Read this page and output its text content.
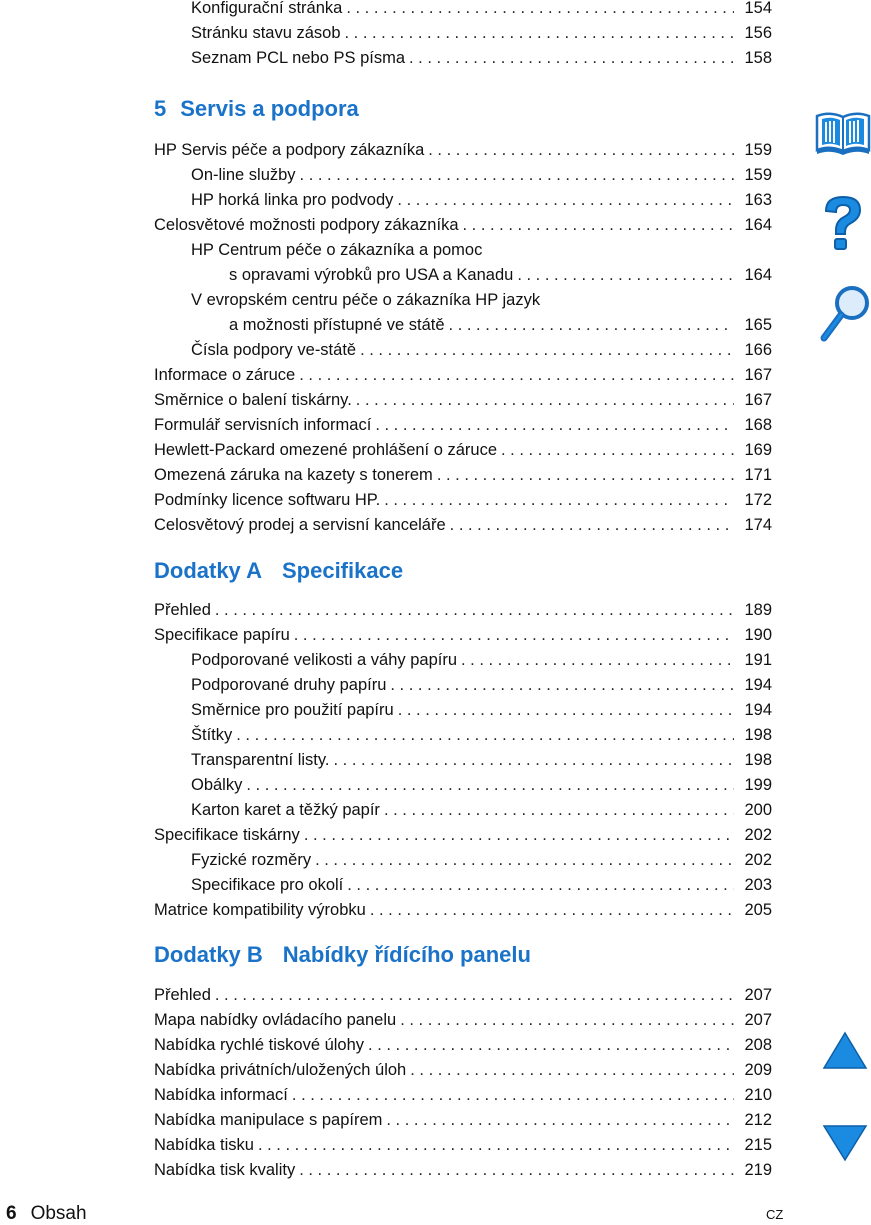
Konfigurační stránka . . .	154
Stránku stavu zásob . . .	156
Seznam PCL nebo PS písma . . .	158
5 Servis a podpora
HP Servis péče a podpory zákazníka . . .	159
On-line služby . . .	159
HP horká linka pro podvody . . .	163
Celosvětové možnosti podpory zákazníka . . .	164
HP Centrum péče o zákazníka a pomoc
s opravami výrobků pro USA a Kanadu . . .	164
V evropském centru péče o zákazníka HP jazyk
a možnosti přístupné ve státě . . .	165
Čísla podpory ve-státě . . .	166
Informace o záruce . . .	167
Směrnice o balení tiskárny. . . .	167
Formulář servisních informací . . .	168
Hewlett-Packard omezené prohlášení o záruce . . .	169
Omezená záruka na kazety s tonerem . . .	171
Podmínky licence softwaru HP. . . .	172
Celosvětový prodej a servisní kanceláře . . .	174
Dodatky A Specifikace
Přehled . . .	189
Specifikace papíru . . .	190
Podporované velikosti a váhy papíru . . .	191
Podporované druhy papíru . . .	194
Směrnice pro použití papíru . . .	194
Štítky . . .	198
Transparentní listy. . . .	198
Obálky . . .	199
Karton karet a těžký papír . . .	200
Specifikace tiskárny . . .	202
Fyzické rozměry . . .	202
Specifikace pro okolí . . .	203
Matrice kompatibility výrobku . . .	205
Dodatky B Nabídky řídícího panelu
Přehled . . .	207
Mapa nabídky ovládacího panelu . . .	207
Nabídka rychlé tiskové úlohy . . .	208
Nabídka privátních/uložených úloh . . .	209
Nabídka informací . . .	210
Nabídka manipulace s papírem . . .	212
Nabídka tisku . . .	215
Nabídka tisk kvality . . .	219
6 Obsah	CZ
